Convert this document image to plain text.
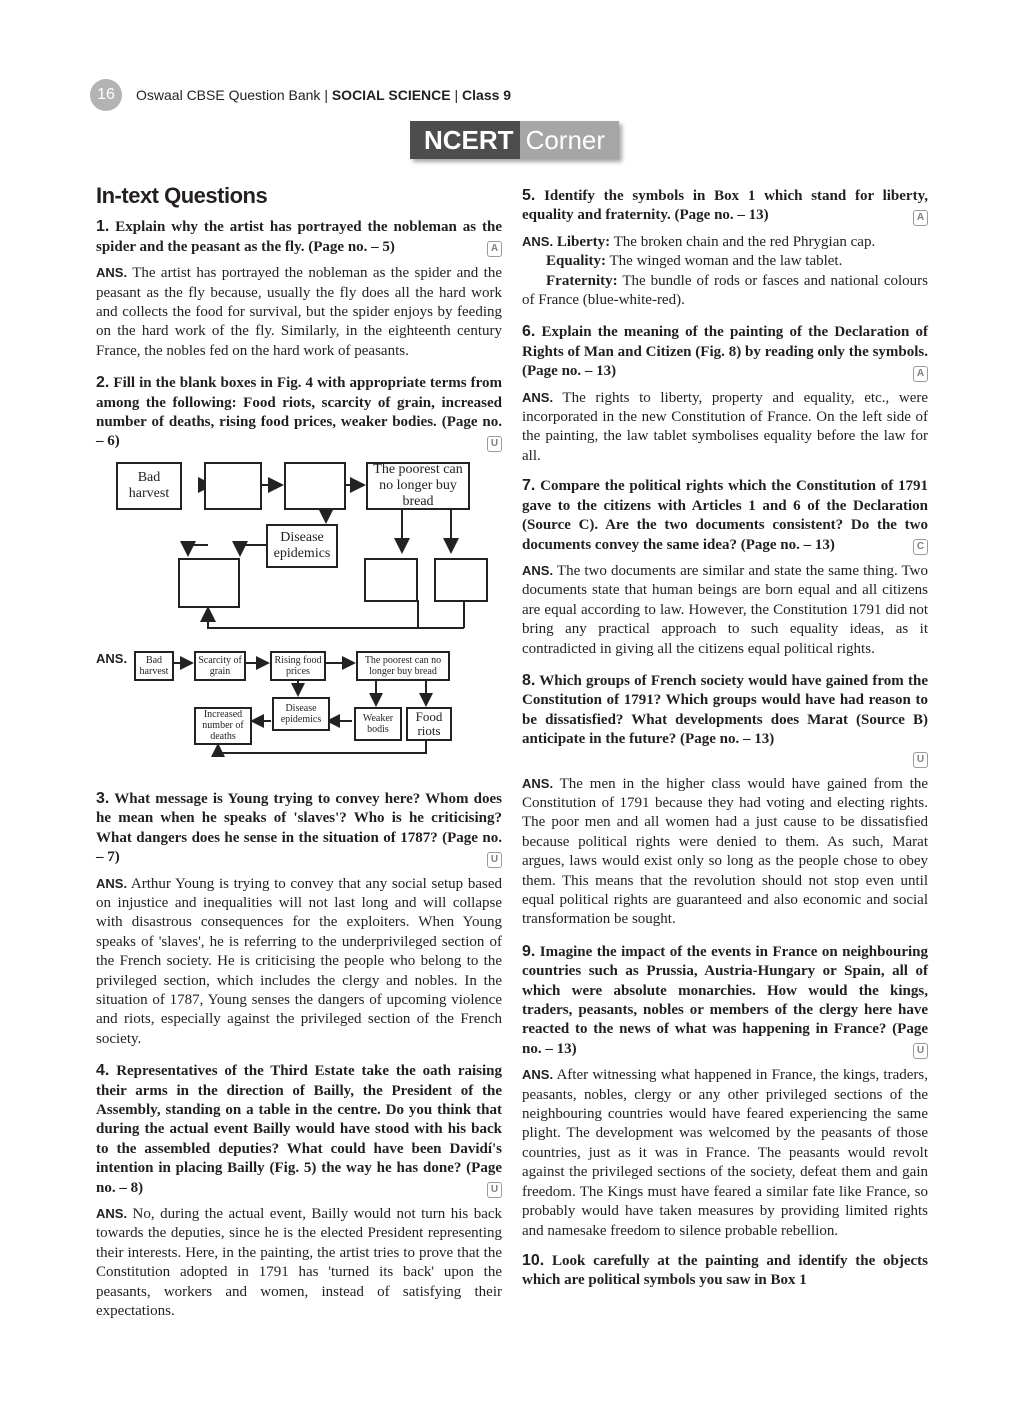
16	Oswaal CBSE Question Bank | SOCIAL SCIENCE | Class 9
NCERT Corner
In-text Questions
1. Explain why the artist has portrayed the nobleman as the spider and the peasant as the fly. (Page no. – 5)	A
ANS. The artist has portrayed the nobleman as the spider and the peasant as the fly because, usually the fly does all the hard work and collects the food for survival, but the spider enjoys by feeding on the hard work of the fly. Similarly, in the eighteenth century France, the nobles fed on the hard work of peasants.
2. Fill in the blank boxes in Fig. 4 with appropriate terms from among the following: Food riots, scarcity of grain, increased number of deaths, rising food prices, weaker bodies. (Page no. – 6)	U
Bad harvest
The poorest can no longer buy bread
Disease epidemics
ANS.	Bad harvest
Scarcity of grain
Rising food prices
The poorest can no longer buy bread
Disease epidemics
Increased number of deaths
Weaker bodis
Food riots
3. What message is Young trying to convey here? Whom does he mean when he speaks of 'slaves'? Who is he criticising? What dangers does he sense in the situation of 1787? (Page no. – 7)	U
ANS. Arthur Young is trying to convey that any social setup based on injustice and inequalities will not last long and will collapse with disastrous consequences for the exploiters. When Young speaks of 'slaves', he is referring to the underprivileged section of the French society. He is criticising the people who belong to the privileged section, which includes the clergy and nobles. In the situation of 1787, Young senses the dangers of upcoming violence and riots, especially against the privileged section of the French society.
4. Representatives of the Third Estate take the oath raising their arms in the direction of Bailly, the President of the Assembly, standing on a table in the centre. Do you think that during the actual event Bailly would have stood with his back to the assembled deputies? What could have been Davidí's intention in placing Bailly (Fig. 5) the way he has done? (Page no. – 8)	U
ANS. No, during the actual event, Bailly would not turn his back towards the deputies, since he is the elected President representing their interests. Here, in the painting, the artist tries to prove that the Constitution adopted in 1791 has 'turned its back' upon the peasants, workers and women, instead of satisfying their expectations.
5. Identify the symbols in Box 1 which stand for liberty, equality and fraternity. (Page no. – 13)	A
ANS. Liberty: The broken chain and the red Phrygian cap.
Equality: The winged woman and the law tablet.
Fraternity: The bundle of rods or fasces and national colours of France (blue-white-red).
6. Explain the meaning of the painting of the Declaration of Rights of Man and Citizen (Fig. 8) by reading only the symbols. (Page no. – 13)	A
ANS. The rights to liberty, property and equality, etc., were incorporated in the new Constitution of France. On the left side of the painting, the law tablet symbolises equality before the law for all.
7. Compare the political rights which the Constitution of 1791 gave to the citizens with Articles 1 and 6 of the Declaration (Source C). Are the two documents consistent? Do the two documents convey the same idea? (Page no. – 13)	C
ANS. The two documents are similar and state the same thing. Two documents state that human beings are born equal and all citizens are equal according to law. However, the Constitution 1791 did not bring any practical approach to such equality ideas, as it contradicted in giving all the citizens equal political rights.
8. Which groups of French society would have gained from the Constitution of 1791? Which groups would have had reason to be dissatisfied? What developments does Marat (Source B) anticipate in the future? (Page no. – 13)
U
ANS. The men in the higher class would have gained from the Constitution of 1791 because they had voting and electing rights. The poor men and all women had a just cause to be dissatisfied because political rights were denied to them. As such, Marat argues, laws would exist only so long as the people chose to obey them. This means that the revolution should not stop even until equal political rights are guaranteed and also economic and social transformation be sought.
9. Imagine the impact of the events in France on neighbouring countries such as Prussia, Austria-Hungary or Spain, all of which were absolute monarchies. How would the kings, traders, peasants, nobles or members of the clergy here have reacted to the news of what was happening in France? (Page no. – 13)	U
ANS. After witnessing what happened in France, the kings, traders, peasants, nobles, clergy or any other privileged sections of the neighbouring countries would have feared experiencing the same plight. The development was welcomed by the peasants of those countries, just as it was in France. The peasants would revolt against the privileged sections of the society, defeat them and gain freedom. The Kings must have feared a similar fate like France, so probably would have taken measures by providing limited rights and namesake freedom to silence probable rebellion.
10. Look carefully at the painting and identify the objects which are political symbols you saw in Box 1
